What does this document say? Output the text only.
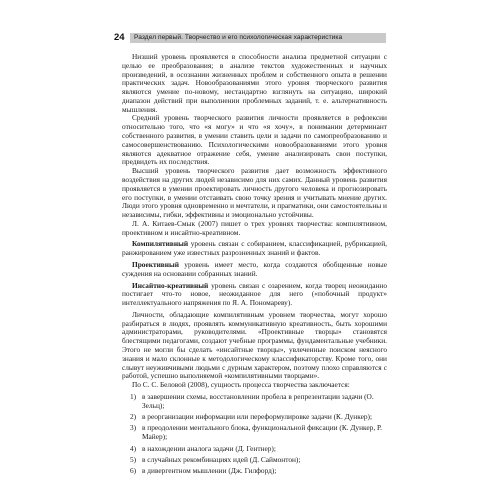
24	Раздел первый. Творчество и его психологическая характеристика

Низший уровень проявляется в способности анализа предметной ситуации с целью ее преобразования; в анализе текстов художественных и научных произведений, в осознании жизненных проблем и собственного опыта в решении практических задач. Новообразованиями этого уровня творческого развития являются умение по-новому, нестандартно взглянуть на ситуацию, широкий диапазон действий при выполнении проблемных заданий, т. е. альтернативность мышления.

Средний уровень творческого развития личности проявляется в рефлексии относительно того, что «я могу» и что «я хочу», в понимании детерминант собственного развития, в умении ставить цели и задачи по самопреобразованию и самосовершенствованию. Психологическими новообразованиями этого уровня являются адекватное отражение себя, умение анализировать свои поступки, предвидеть их последствия.

Высший уровень творческого развития дает возможность эффективного воздействия на других людей независимо для них самих. Данный уровень развития проявляется в умении проектировать личность другого человека и прогнозировать его поступки, в умении отстаивать свою точку зрения и учитывать мнение других. Люди этого уровня одновременно и мечтатели, и прагматики, они самостоятельны и независимы, гибки, эффективны и эмоционально устойчивы.

Л. А. Китаев-Смык (2007) пишет о трех уровнях творчества: компилятивном, проективном и инсайтно-креативном.

Компилятивный уровень связан с собиранием, классификацией, рубрикацией, ранжированием уже известных разрозненных знаний и фактов.

Проективный уровень имеет место, когда создаются обобщенные новые суждения на основании собранных знаний.

Инсайтно-креативный уровень связан с озарением, когда творец неожиданно постигает что-то новое, неожиданное для него («побочный продукт» интеллектуального напряжения по Я. А. Пономареву).

Личности, обладающие компилятивным уровнем творчества, могут хорошо разбираться в людях, проявлять коммуникативную креативность, быть хорошими администраторами, руководителями. «Проективные творцы» становятся блестящими педагогами, создают учебные программы, фундаментальные учебники. Этого не могли бы сделать «инсайтные творцы», увлеченные поиском неясного знания и мало склонные к методологическому классификаторству. Кроме того, они слывут неуживчивыми людьми с дурным характером, поэтому плохо справляются с работой, успешно выполняемой «компилятивными творцами».

По С. С. Беловой (2008), сущность процесса творчества заключается:

1) в завершении схемы, восстановлении пробела в репрезентации задачи (О. Зельц);
2) в реорганизации информации или переформулировке задачи (К. Дункер);
3) в преодолении ментального блока, функциональной фиксации (К. Дункер, Р. Майер);
4) в нахождении аналога задачи (Д. Гентнер);
5) в случайных рекомбинациях идей (Д. Саймонтон);
6) в дивергентном мышлении (Дж. Гилфорд);
